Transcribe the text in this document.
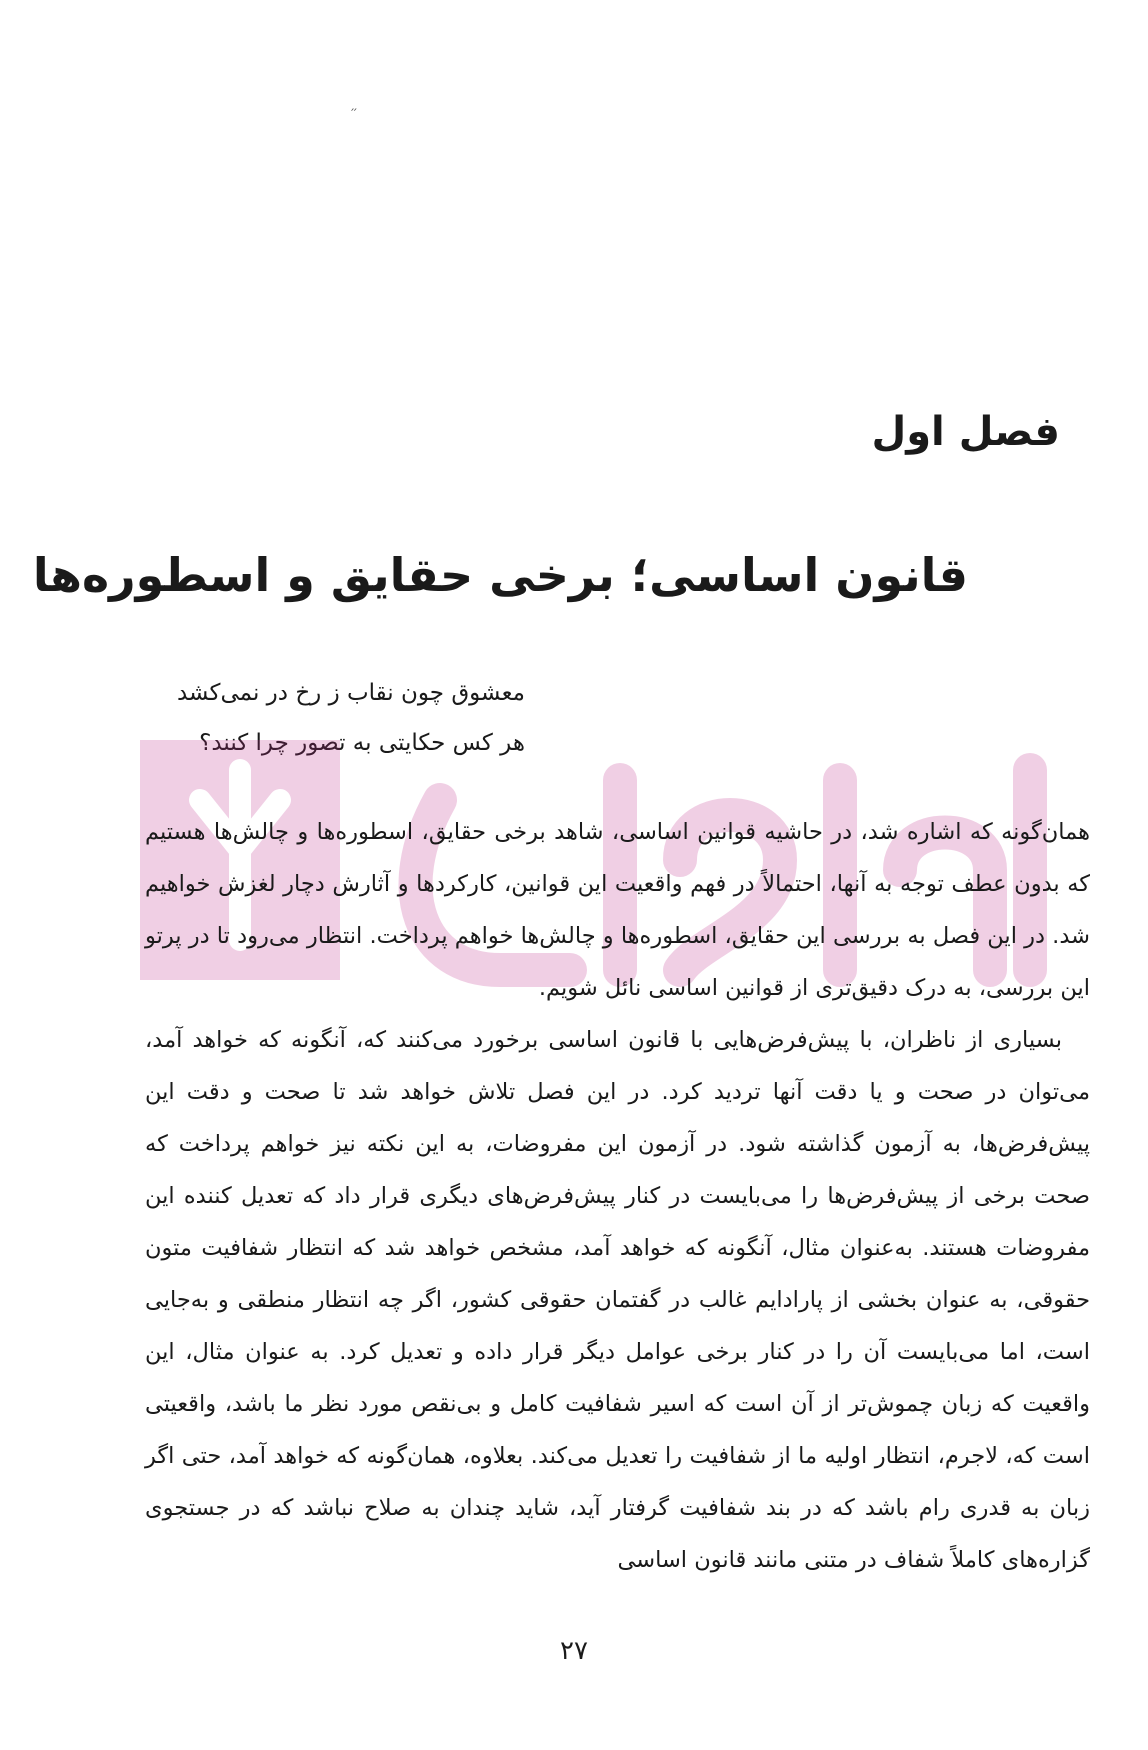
״
فصل اول
قانون اساسی؛ برخی حقایق و اسطوره‌ها
معشوق چون نقاب ز رخ در نمی‌کشد
هر کس حکایتی به تصور چرا کنند؟

همان‌گونه که اشاره شد، در حاشیه قوانین اساسی، شاهد برخی حقایق، اسطوره‌ها و چالش‌ها هستیم که بدون عطف توجه به آنها، احتمالاً در فهم واقعیت این قوانین، کارکردها و آثارش دچار لغزش خواهیم شد. در این فصل به بررسی این حقایق، اسطوره‌ها و چالش‌ها خواهم پرداخت. انتظار می‌رود تا در پرتو این بررسی، به درک دقیق‌تری از قوانین اساسی نائل شویم.

بسیاری از ناظران، با پیش‌فرض‌هایی با قانون اساسی برخورد می‌کنند که، آنگونه که خواهد آمد، می‌توان در صحت و یا دقت آنها تردید کرد. در این فصل تلاش خواهد شد تا صحت و دقت این پیش‌فرض‌ها، به آزمون گذاشته شود. در آزمون این مفروضات، به این نکته نیز خواهم پرداخت که صحت برخی از پیش‌فرض‌ها را می‌بایست در کنار پیش‌فرض‌های دیگری قرار داد که تعدیل کننده این مفروضات هستند. به‌عنوان مثال، آنگونه که خواهد آمد، مشخص خواهد شد که انتظار شفافیت متون حقوقی، به عنوان بخشی از پارادایم غالب در گفتمان حقوقی کشور، اگر چه انتظار منطقی و به‌جایی است، اما می‌بایست آن را در کنار برخی عوامل دیگر قرار داده و تعدیل کرد. به عنوان مثال، این واقعیت که زبان چموش‌تر از آن است که اسیر شفافیت کامل و بی‌نقص مورد نظر ما باشد، واقعیتی است که، لاجرم، انتظار اولیه ما از شفافیت را تعدیل می‌کند. بعلاوه، همان‌گونه که خواهد آمد، حتی اگر زبان به قدری رام باشد که در بند شفافیت گرفتار آید، شاید چندان به صلاح نباشد که در جستجوی گزاره‌های کاملاً شفاف در متنی مانند قانون اساسی

۲۷
